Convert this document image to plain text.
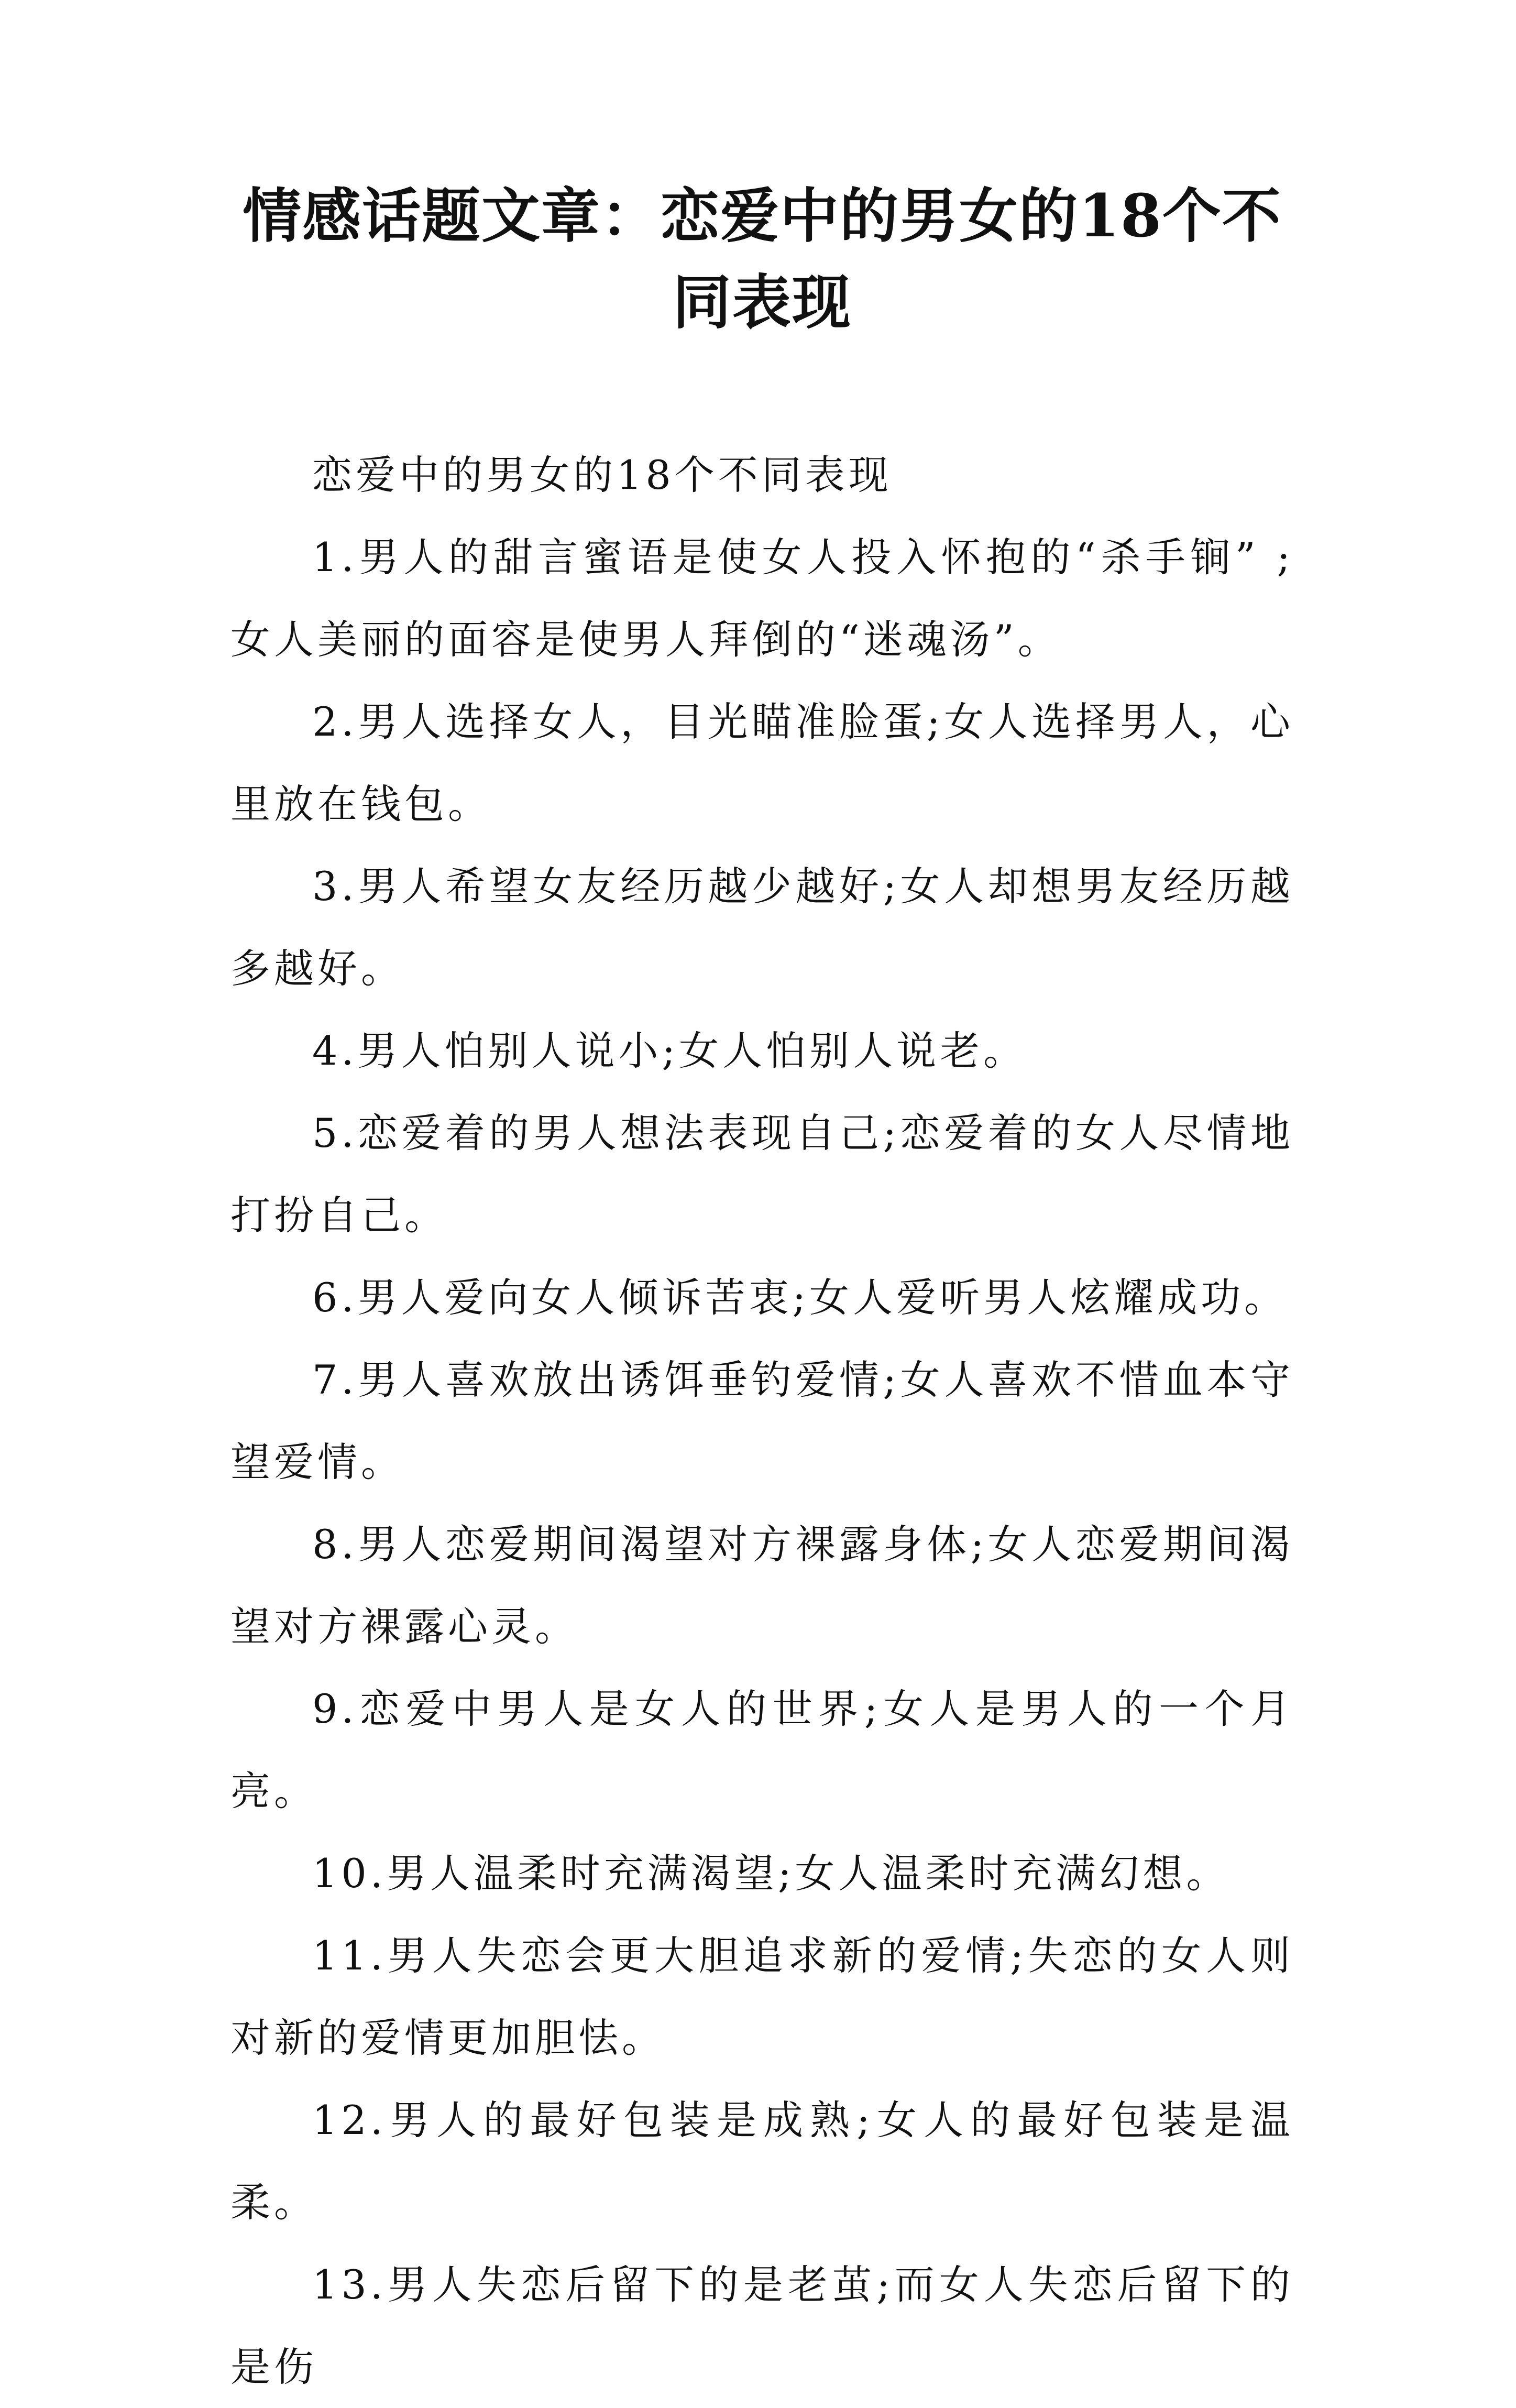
情感话题文章：恋爱中的男女的18个不同表现

恋爱中的男女的18个不同表现

1.男人的甜言蜜语是使女人投入怀抱的“杀手锏” ;女人美丽的面容是使男人拜倒的“迷魂汤”。

2.男人选择女人，目光瞄准脸蛋;女人选择男人，心里放在钱包。

3.男人希望女友经历越少越好;女人却想男友经历越多越好。

4.男人怕别人说小;女人怕别人说老。

5.恋爱着的男人想法表现自己;恋爱着的女人尽情地打扮自己。

6.男人爱向女人倾诉苦衷;女人爱听男人炫耀成功。

7.男人喜欢放出诱饵垂钓爱情;女人喜欢不惜血本守望爱情。

8.男人恋爱期间渴望对方裸露身体;女人恋爱期间渴望对方裸露心灵。

9.恋爱中男人是女人的世界;女人是男人的一个月亮。

10.男人温柔时充满渴望;女人温柔时充满幻想。

11.男人失恋会更大胆追求新的爱情;失恋的女人则对新的爱情更加胆怯。

12.男人的最好包装是成熟;女人的最好包装是温柔。

13.男人失恋后留下的是老茧;而女人失恋后留下的是伤
